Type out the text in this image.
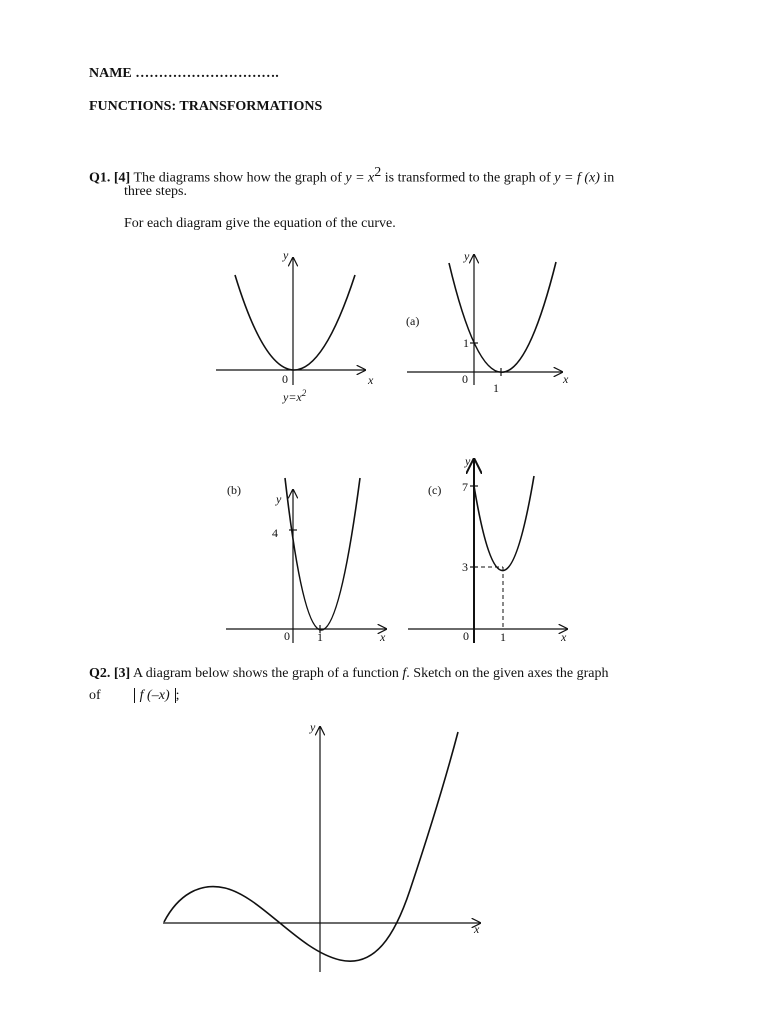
NAME ………………………….
FUNCTIONS: TRANSFORMATIONS
Q1. [4] The diagrams show how the graph of $y = x^2$ is transformed to the graph of y = f (x) in
three steps.
For each diagram give the equation of the curve.
Q2. [3] A diagram below shows the graph of a function f. Sketch on the given axes the graph
of	f (–x) ;
y
x
0
$y=x^2$
(a)
y
x
0
1
1
(b)
y
x
0
4
1
(c)
y
x
0
7
3
1
y
x
